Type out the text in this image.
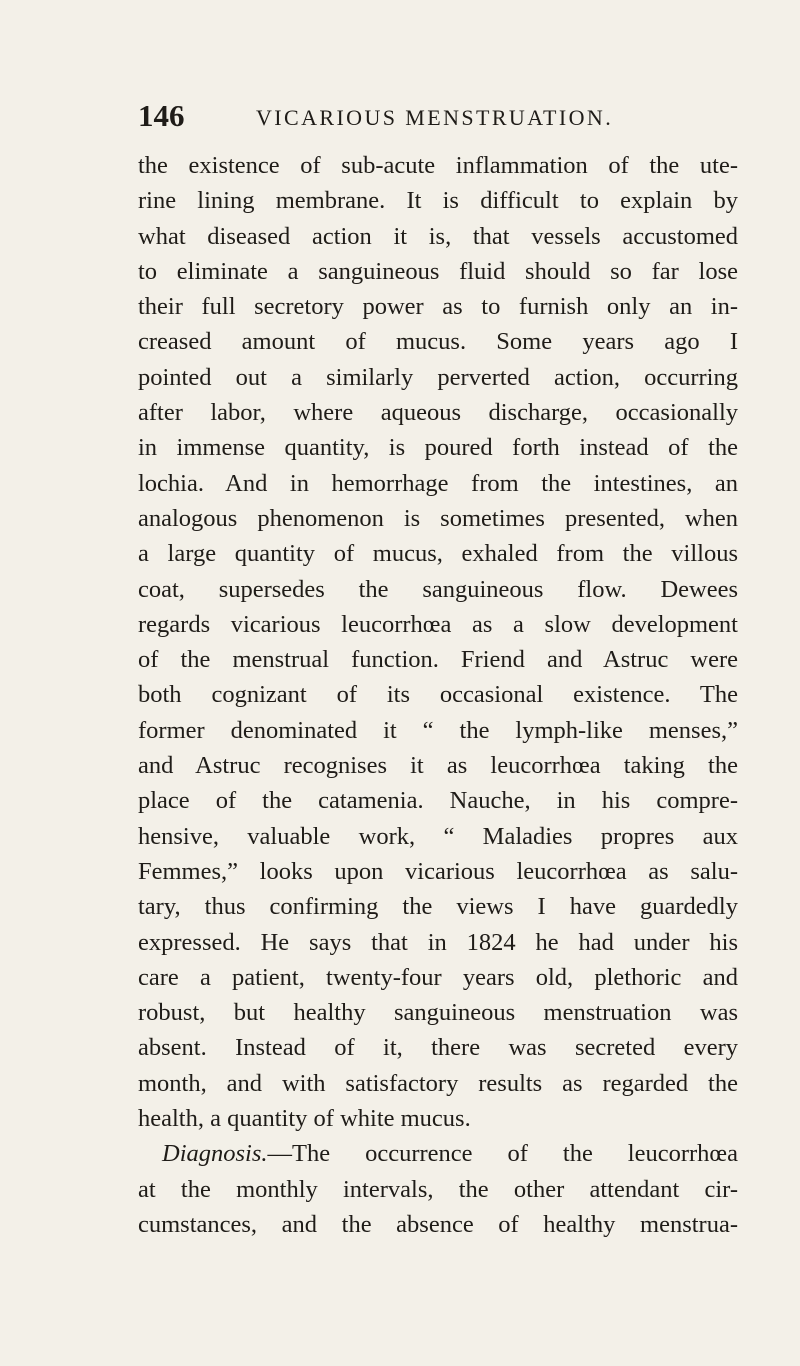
146	VICARIOUS MENSTRUATION.
the existence of sub-acute inflammation of the ute-
rine lining membrane. It is difficult to explain by
what diseased action it is, that vessels accustomed
to eliminate a sanguineous fluid should so far lose
their full secretory power as to furnish only an in-
creased amount of mucus. Some years ago I
pointed out a similarly perverted action, occurring
after labor, where aqueous discharge, occasionally
in immense quantity, is poured forth instead of the
lochia. And in hemorrhage from the intestines, an
analogous phenomenon is sometimes presented, when
a large quantity of mucus, exhaled from the villous
coat, supersedes the sanguineous flow. Dewees
regards vicarious leucorrhœa as a slow development
of the menstrual function. Friend and Astruc were
both cognizant of its occasional existence. The
former denominated it “ the lymph-like menses,”
and Astruc recognises it as leucorrhœa taking the
place of the catamenia. Nauche, in his compre-
hensive, valuable work, “ Maladies propres aux
Femmes,” looks upon vicarious leucorrhœa as salu-
tary, thus confirming the views I have guardedly
expressed. He says that in 1824 he had under his
care a patient, twenty-four years old, plethoric and
robust, but healthy sanguineous menstruation was
absent. Instead of it, there was secreted every
month, and with satisfactory results as regarded the
health, a quantity of white mucus.
Diagnosis.—The occurrence of the leucorrhœa
at the monthly intervals, the other attendant cir-
cumstances, and the absence of healthy menstrua-
